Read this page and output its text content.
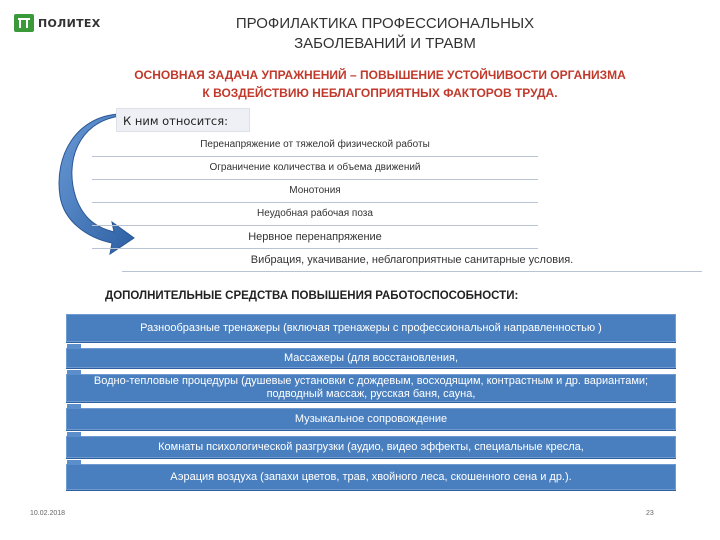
ПОЛИТЕХ	ПРОФИЛАКТИКА ПРОФЕССИОНАЛЬНЫХ ЗАБОЛЕВАНИЙ И ТРАВМ
ОСНОВНАЯ ЗАДАЧА УПРАЖНЕНИЙ – ПОВЫШЕНИЕ УСТОЙЧИВОСТИ ОРГАНИЗМА
К ВОЗДЕЙСТВИЮ НЕБЛАГОПРИЯТНЫХ ФАКТОРОВ ТРУДА.
К ним относится:
Перенапряжение от тяжелой физической работы
Ограничение количества и объема движений
Монотония
Неудобная рабочая поза
Нервное перенапряжение
Вибрация, укачивание, неблагоприятные санитарные условия.
ДОПОЛНИТЕЛЬНЫЕ СРЕДСТВА ПОВЫШЕНИЯ РАБОТОСПОСОБНОСТИ:
Разнообразные тренажеры (включая тренажеры с профессиональной направленностью )
Массажеры (для восстановления,
Водно-тепловые процедуры (душевые установки с дождевым, восходящим, контрастным и др. вариантами; подводный массаж, русская баня, сауна,
Музыкальное сопровождение
Комнаты психологической разгрузки (аудио, видео эффекты, специальные кресла,
Аэрация воздуха (запахи цветов, трав, хвойного леса, скошенного сена и др.).
10.02.2018	23
